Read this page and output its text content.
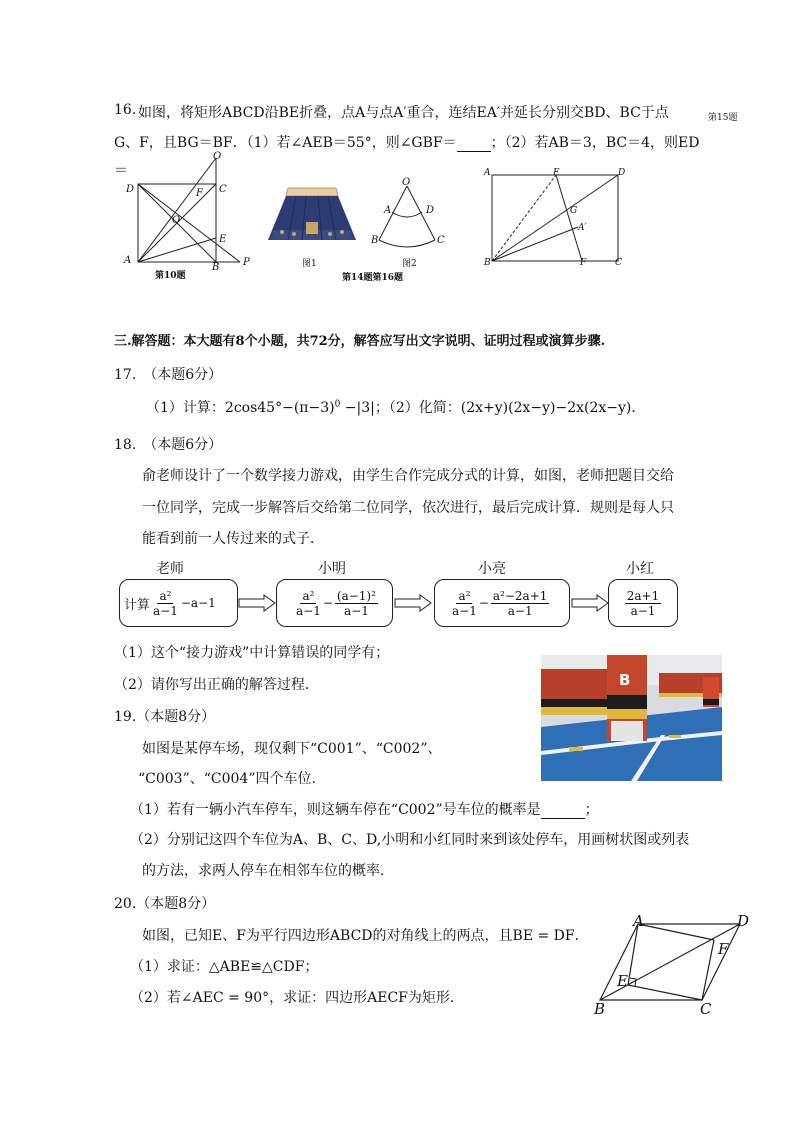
16. 如图，将矩形ABCD沿BE折叠，点A与点A′重合，连结EA′并延长分别交BD、BC于点	第15题
G、F，且BG＝BF．（1）若∠AEB＝55°，则∠GBF＝ ；（2）若AB＝3，BC＝4，则ED
＝
O
D	C
F
O
E
A
B P
第10题
图1
O
A	D
B	C
图2
第14题第16题
A	E	D
G
A′
B	F	C
三.解答题：本大题有8个小题，共72分，解答应写出文字说明、证明过程或演算步骤.
17.　（本题6分）
（1）计算：$2\cos 45^\circ-(\pi-3)^0 -|3|$；（2）化简：(2x+y)(2x−y)−2x(2x−y)．
18.　（本题6分）
俞老师设计了一个数学接力游戏，由学生合作完成分式的计算，如图，老师把题目交给
一位同学，完成一步解答后交给第二位同学，依次进行，最后完成计算．规则是每人只
能看到前一人传过来的式子．
老师	小明	小亮	小红
计算 $\frac{\text{a²}}{a-1} -a-1$	$\frac{\text{a²}}{a-1} - \frac{\text{(a−1)²}}{a-1}$	$\frac{\text{a²}}{a-1} - \frac{\text{a²−2a+1}}{a-1}$	$\frac{2a+1}{a-1}$
（1）这个“接力游戏”中计算错误的同学有；
（2）请你写出正确的解答过程．	B
19.（本题8分）
如图是某停车场，现仅剩下“C001”、“C002”、
“C003”、“C004”四个车位.
（1）若有一辆小汽车停车，则这辆车停在“C002”号车位的概率是	；
（2）分别记这四个车位为A、B、C、D,小明和小红同时来到该处停车，用画树状图或列表
的方法，求两人停车在相邻车位的概率．
20.（本题8分）
如图，已知E、F为平行四边形ABCD的对角线上的两点，且BE = DF．
（1）求证：△ABE≌△CDF；
（2）若∠AEC = 90°，求证：四边形AECF为矩形.
A	D
F
E
B	C
